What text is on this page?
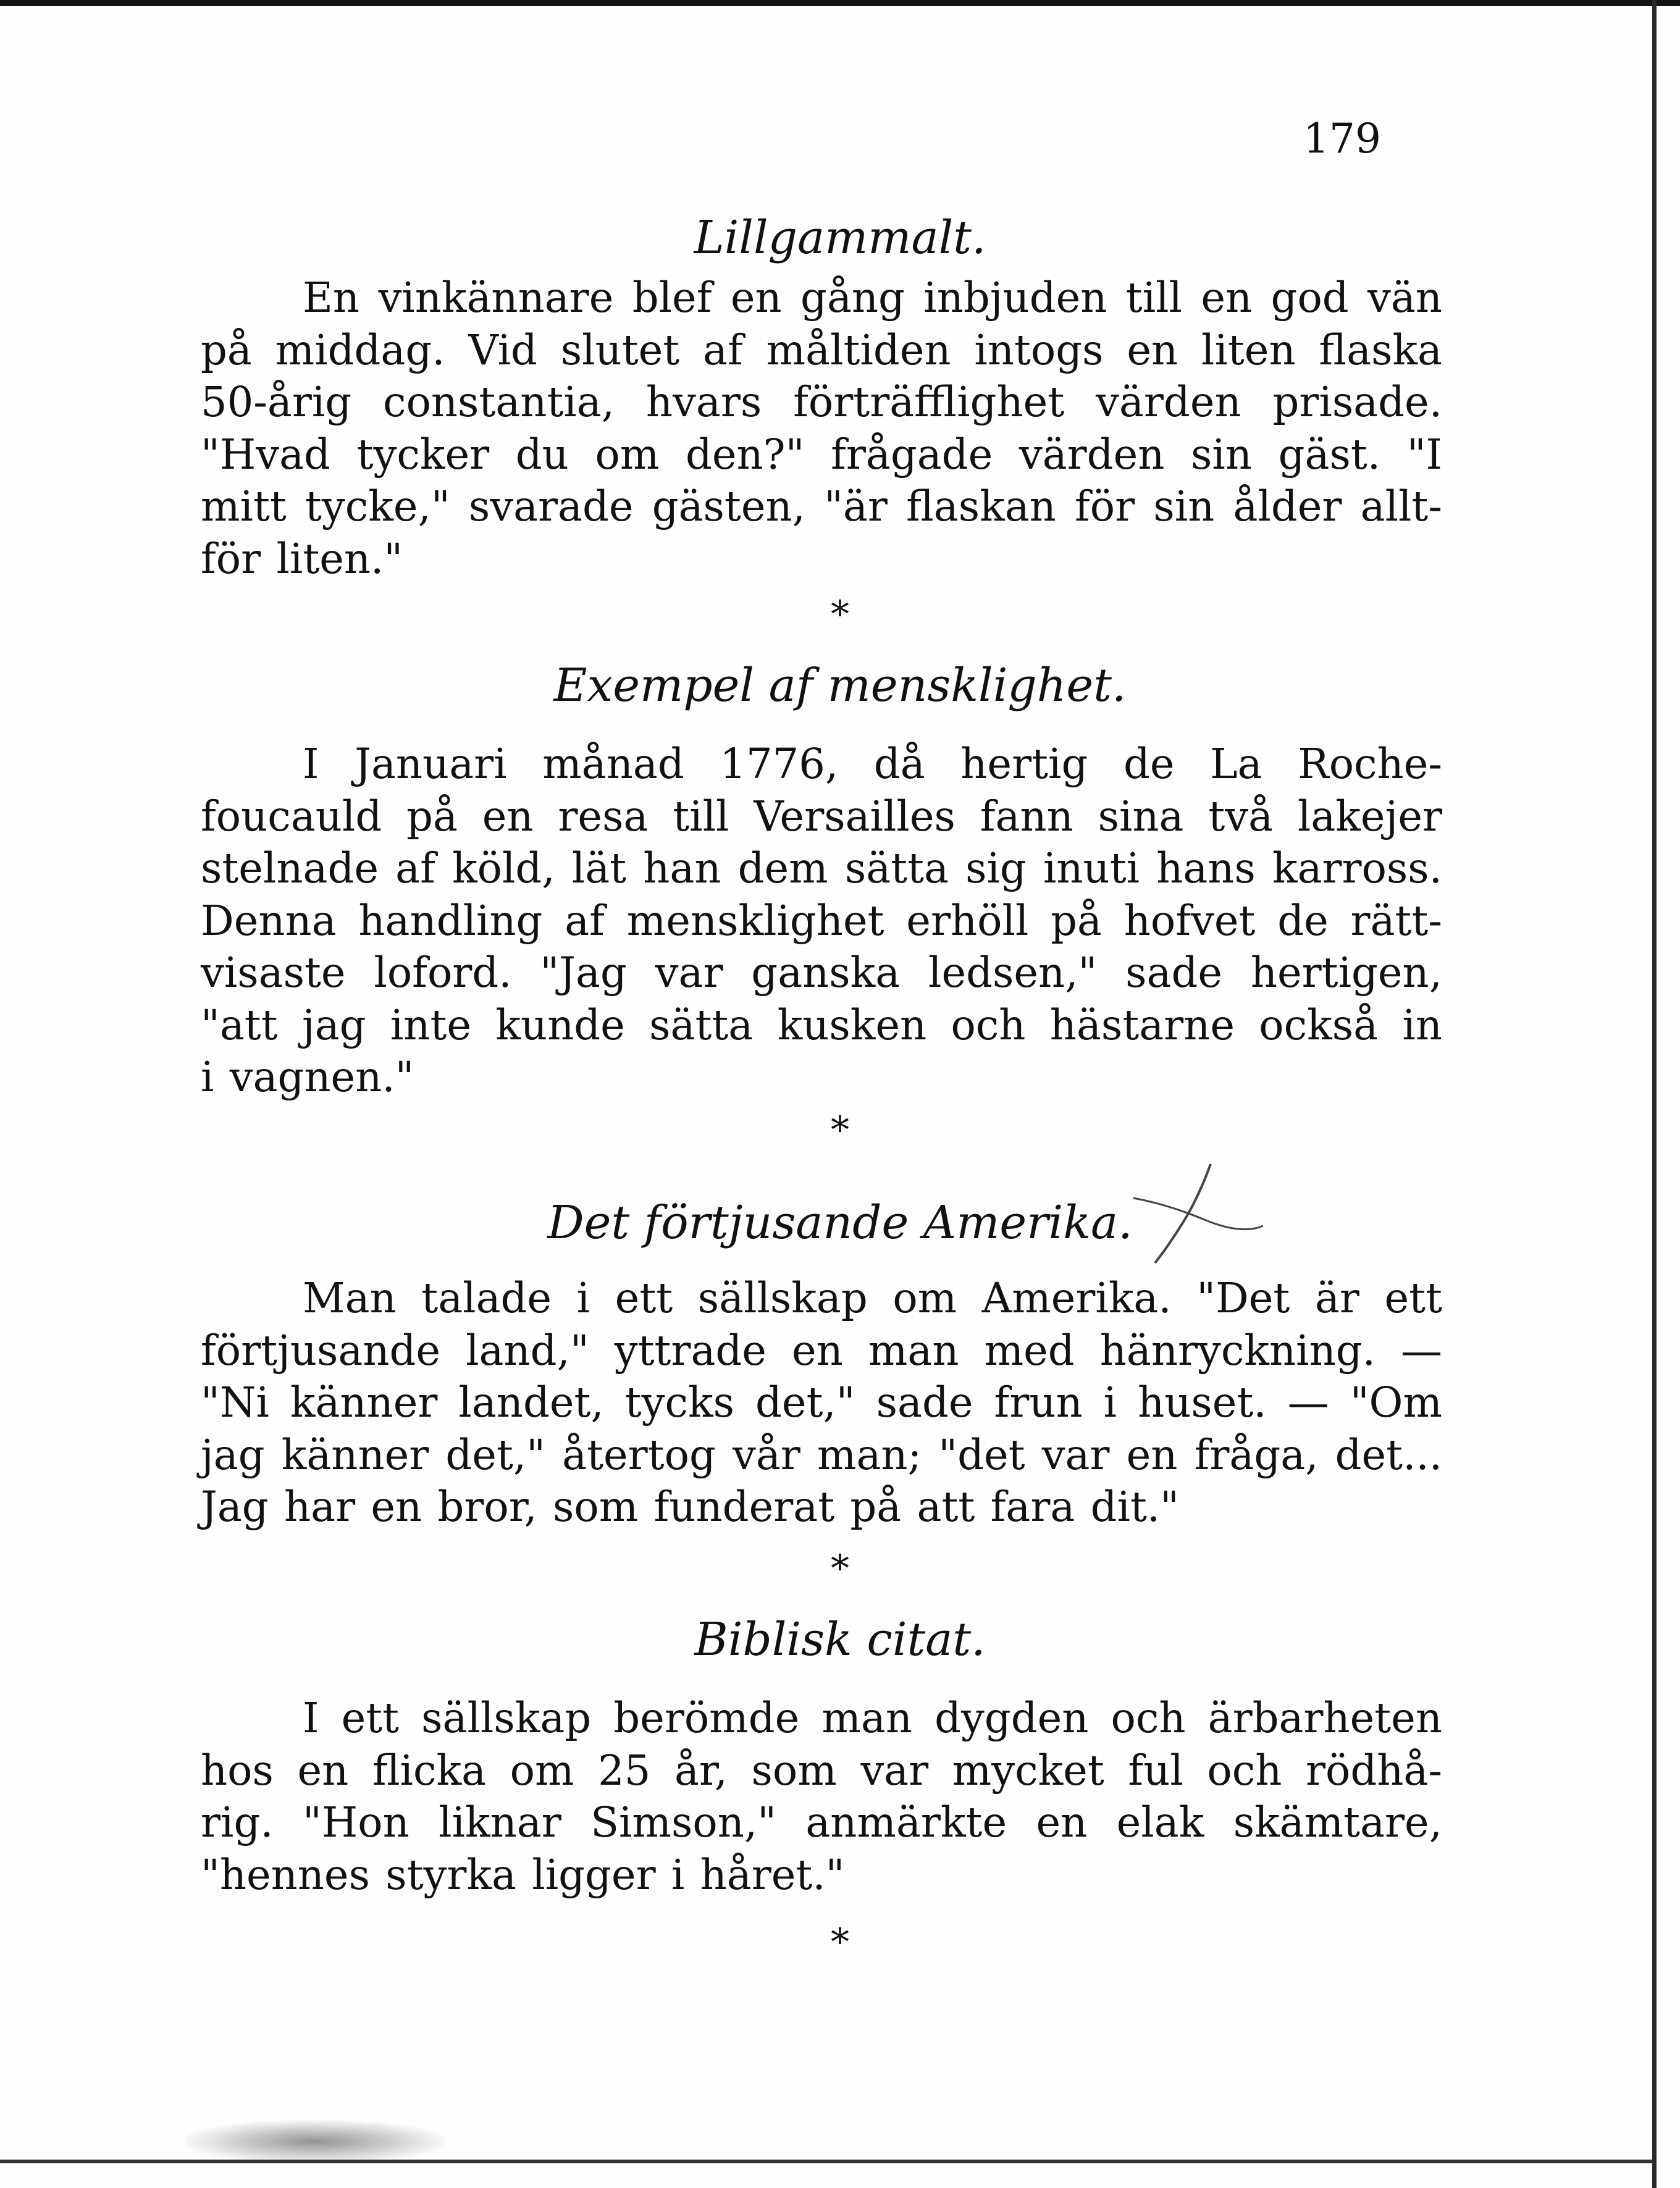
179
Lillgammalt.
En vinkännare blef en gång inbjuden till en god vän
på middag. Vid slutet af måltiden intogs en liten flaska
50-årig constantia, hvars förträfflighet värden prisade.
"Hvad tycker du om den?" frågade värden sin gäst. "I
mitt tycke," svarade gästen, "är flaskan för sin ålder allt-
för liten."
*
Exempel af mensklighet.
I Januari månad 1776, då hertig de La Roche-
foucauld på en resa till Versailles fann sina två lakejer
stelnade af köld, lät han dem sätta sig inuti hans karross.
Denna handling af mensklighet erhöll på hofvet de rätt-
visaste loford. "Jag var ganska ledsen," sade hertigen,
"att jag inte kunde sätta kusken och hästarne också in
i vagnen."
*
Det förtjusande Amerika.
Man talade i ett sällskap om Amerika. "Det är ett
förtjusande land," yttrade en man med hänryckning. —
"Ni känner landet, tycks det," sade frun i huset. — "Om
jag känner det," återtog vår man; "det var en fråga, det...
Jag har en bror, som funderat på att fara dit."
*
Biblisk citat.
I ett sällskap berömde man dygden och ärbarheten
hos en flicka om 25 år, som var mycket ful och rödhå-
rig. "Hon liknar Simson," anmärkte en elak skämtare,
"hennes styrka ligger i håret."
*
